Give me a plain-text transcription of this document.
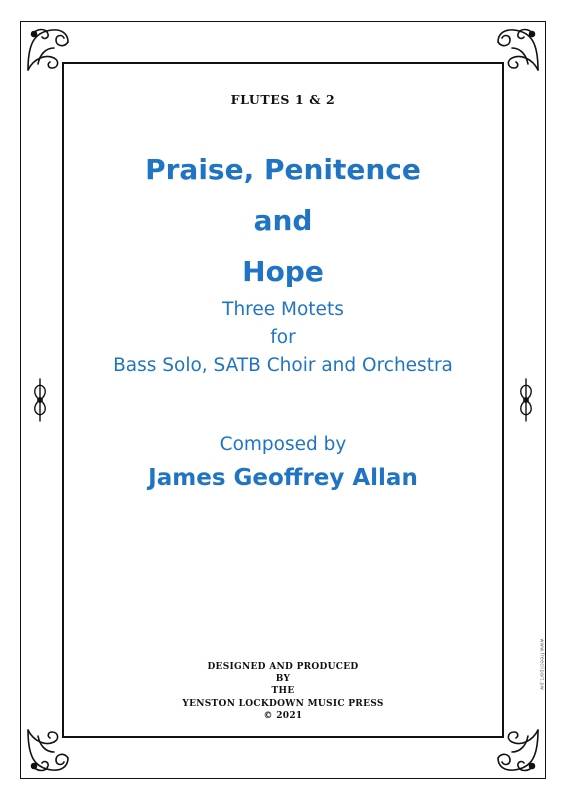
www.freeclipart.pw
FLUTES 1 & 2
Praise, Penitence
and
Hope
Three Motets
for
Bass Solo, SATB Choir and Orchestra
Composed by
James Geoffrey Allan
DESIGNED AND PRODUCED
BY
THE
YENSTON LOCKDOWN MUSIC PRESS
© 2021
